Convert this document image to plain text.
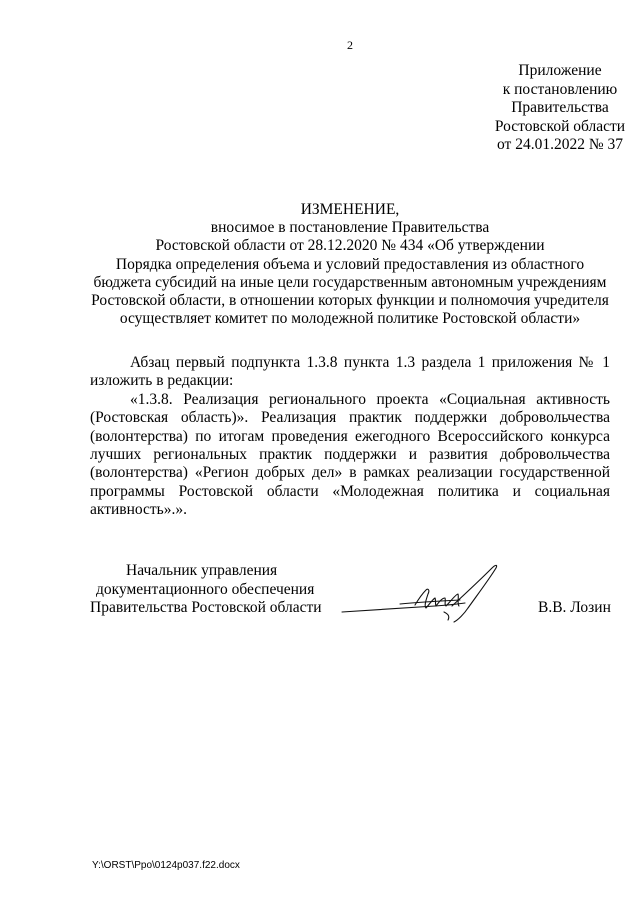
2
Приложение
к постановлению
Правительства
Ростовской области
от 24.01.2022 № 37
ИЗМЕНЕНИЕ,
вносимое в постановление Правительства
Ростовской области от 28.12.2020 № 434 «Об утверждении
Порядка определения объема и условий предоставления из областного
бюджета субсидий на иные цели государственным автономным учреждениям
Ростовской области, в отношении которых функции и полномочия учредителя
осуществляет комитет по молодежной политике Ростовской области»
Абзац первый подпункта 1.3.8 пункта 1.3 раздела 1 приложения № 1
изложить в редакции:
«1.3.8. Реализация регионального проекта «Социальная активность
(Ростовская область)». Реализация практик поддержки добровольчества
(волонтерства) по итогам проведения ежегодного Всероссийского конкурса
лучших региональных практик поддержки и развития добровольчества
(волонтерства) «Регион добрых дел» в рамках реализации государственной
программы Ростовской области «Молодежная политика и социальная
активность».».
Начальник управления
документационного обеспечения
Правительства Ростовской области	В.В. Лозин
Y:\ORST\Ppo\0124p037.f22.docx
